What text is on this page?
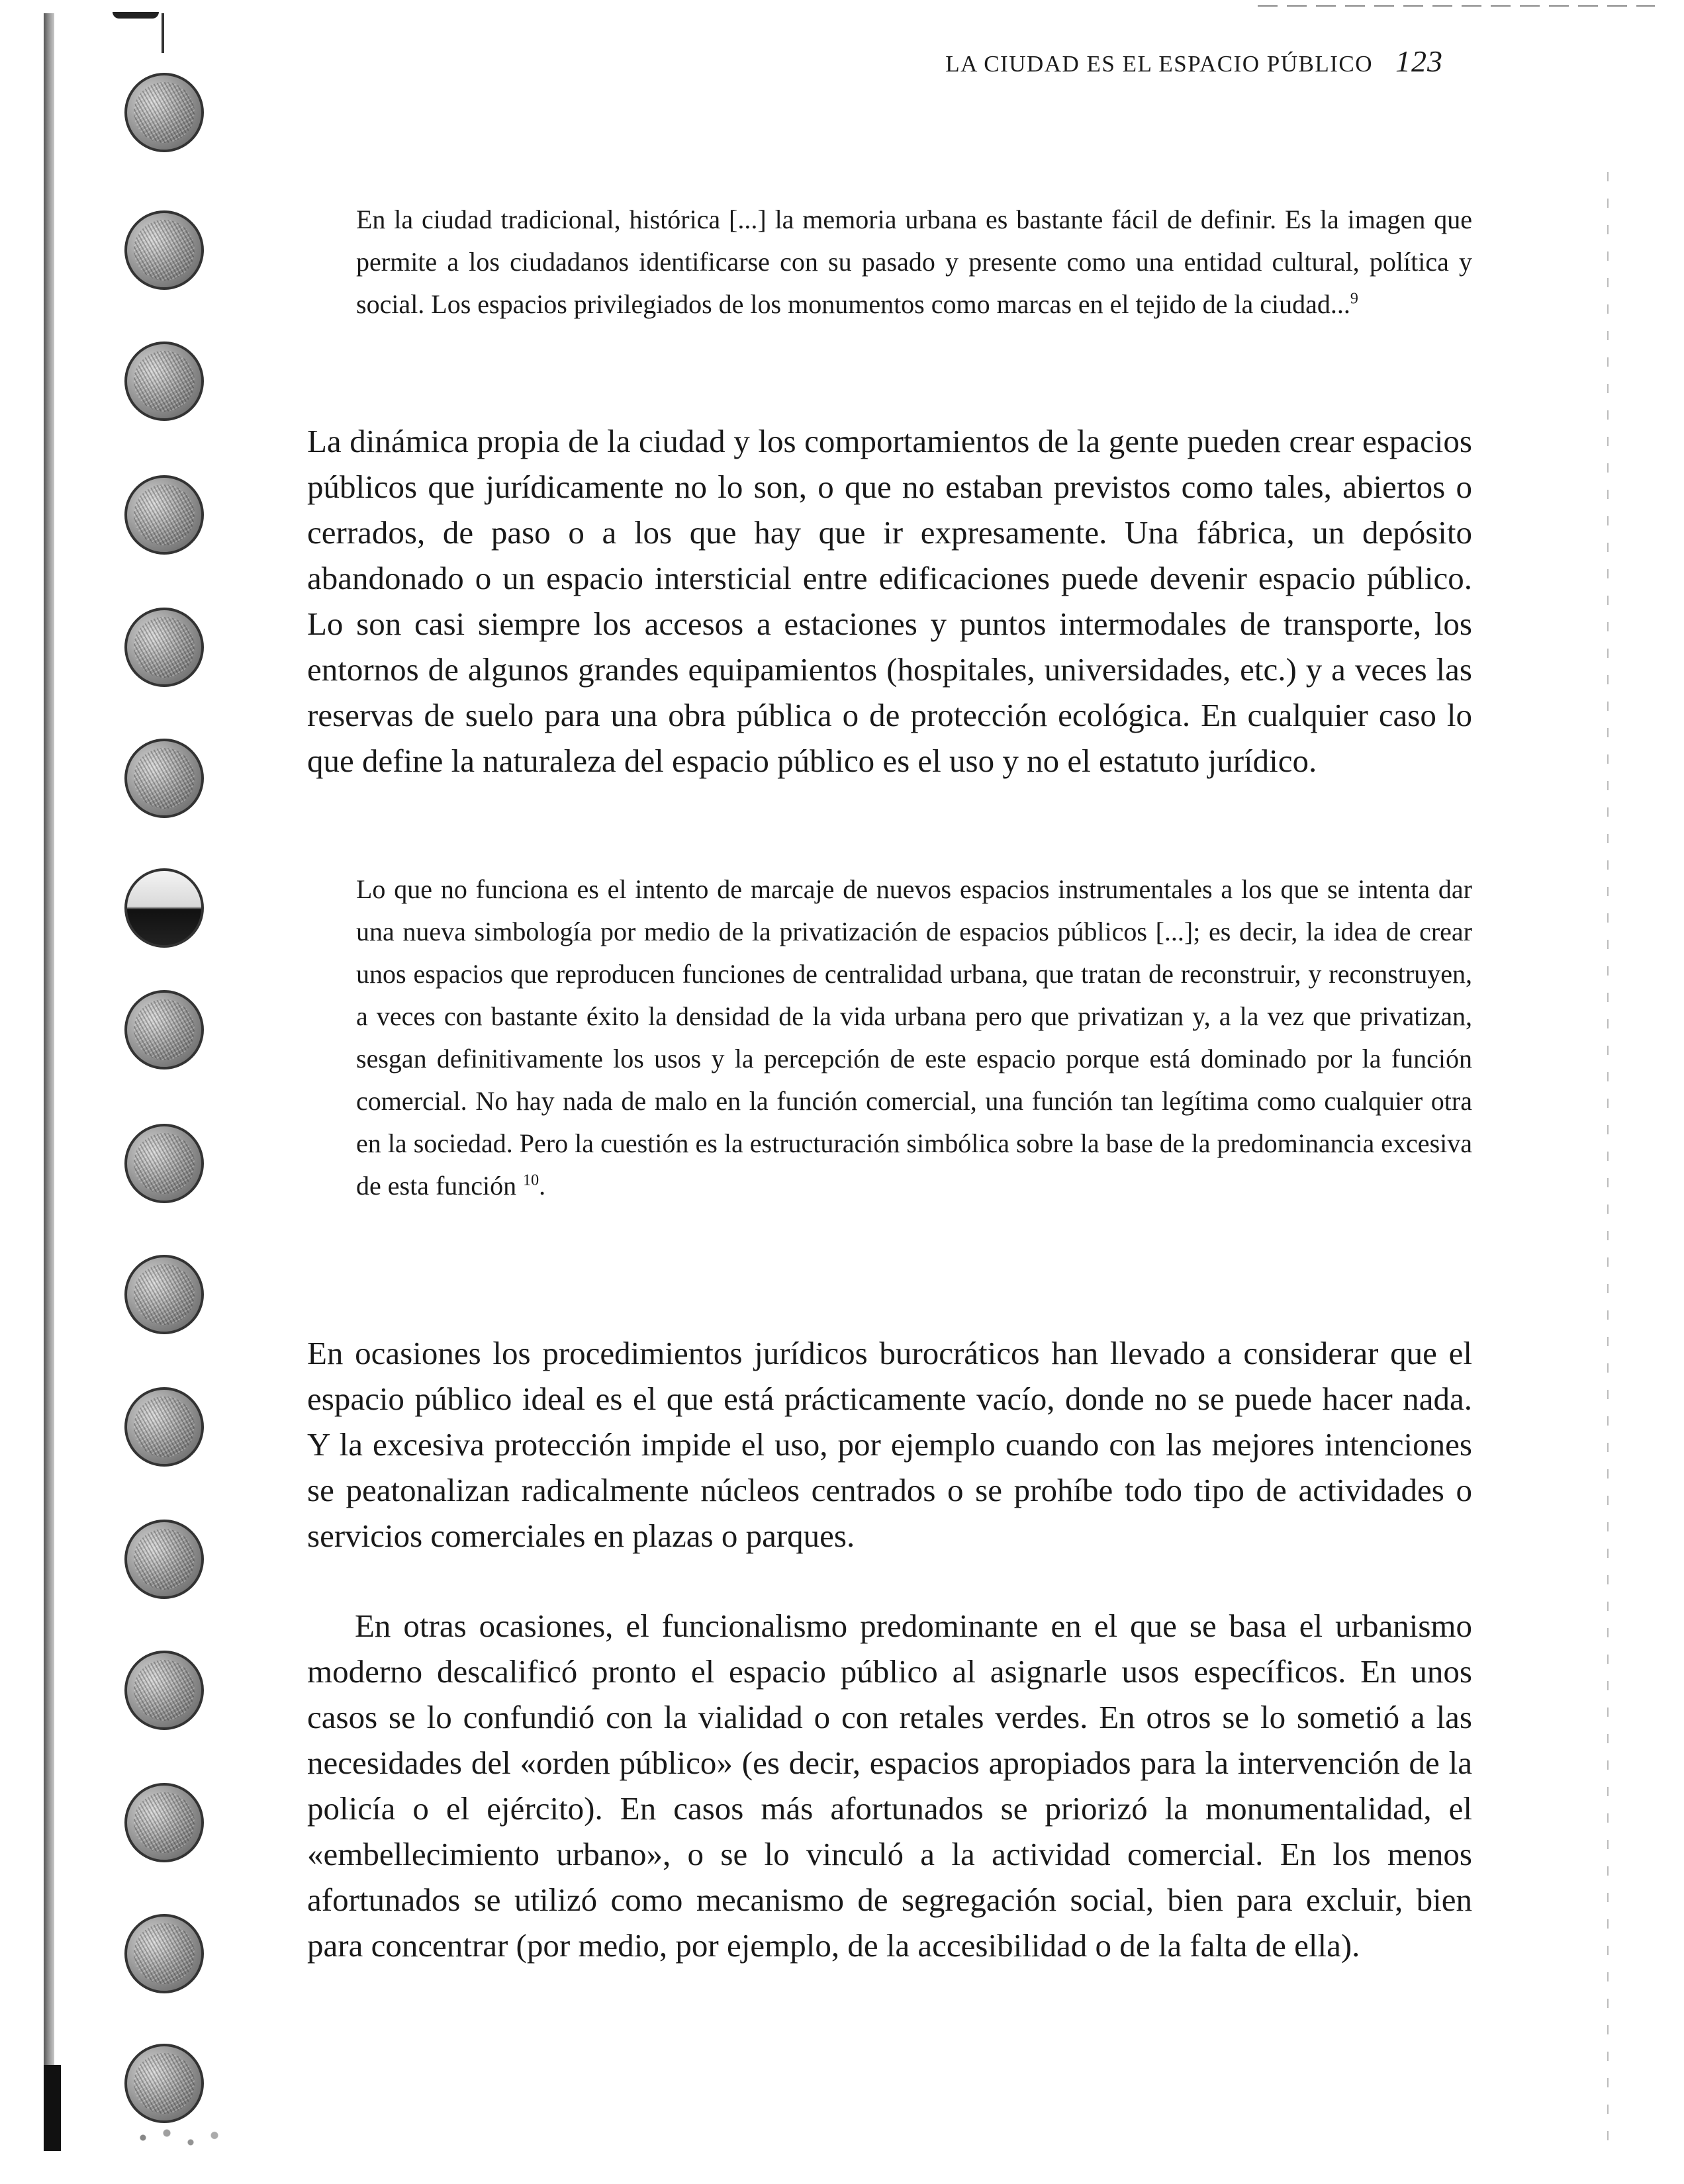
LA CIUDAD ES EL ESPACIO PÚBLICO 123

En la ciudad tradicional, histórica [...] la memoria urbana es bastante fácil de definir. Es la imagen que permite a los ciudadanos identificarse con su pasado y presente como una entidad cultural, política y social. Los espacios privilegiados de los monumentos como marcas en el tejido de la ciudad...$^9$

La dinámica propia de la ciudad y los comportamientos de la gente pueden crear espacios públicos que jurídicamente no lo son, o que no estaban previstos como tales, abiertos o cerrados, de paso o a los que hay que ir expresamente. Una fábrica, un depósito abandonado o un espacio intersticial entre edificaciones puede devenir espacio público. Lo son casi siempre los accesos a estaciones y puntos intermodales de transporte, los entornos de algunos grandes equipamientos (hospitales, universidades, etc.) y a veces las reservas de suelo para una obra pública o de protección ecológica. En cualquier caso lo que define la naturaleza del espacio público es el uso y no el estatuto jurídico.

Lo que no funciona es el intento de marcaje de nuevos espacios instrumentales a los que se intenta dar una nueva simbología por medio de la privatización de espacios públicos [...]; es decir, la idea de crear unos espacios que reproducen funciones de centralidad urbana, que tratan de reconstruir, y reconstruyen, a veces con bastante éxito la densidad de la vida urbana pero que privatizan y, a la vez que privatizan, sesgan definitivamente los usos y la percepción de este espacio porque está dominado por la función comercial. No hay nada de malo en la función comercial, una función tan legítima como cualquier otra en la sociedad. Pero la cuestión es la estructuración simbólica sobre la base de la predominancia excesiva de esta función $^{10}$.

En ocasiones los procedimientos jurídicos burocráticos han llevado a considerar que el espacio público ideal es el que está prácticamente vacío, donde no se puede hacer nada. Y la excesiva protección impide el uso, por ejemplo cuando con las mejores intenciones se peatonalizan radicalmente núcleos centrados o se prohíbe todo tipo de actividades o servicios comerciales en plazas o parques.

En otras ocasiones, el funcionalismo predominante en el que se basa el urbanismo moderno descalificó pronto el espacio público al asignarle usos específicos. En unos casos se lo confundió con la vialidad o con retales verdes. En otros se lo sometió a las necesidades del «orden público» (es decir, espacios apropiados para la intervención de la policía o el ejército). En casos más afortunados se priorizó la monumentalidad, el «embellecimiento urbano», o se lo vinculó a la actividad comercial. En los menos afortunados se utilizó como mecanismo de segregación social, bien para excluir, bien para concentrar (por medio, por ejemplo, de la accesibilidad o de la falta de ella).
